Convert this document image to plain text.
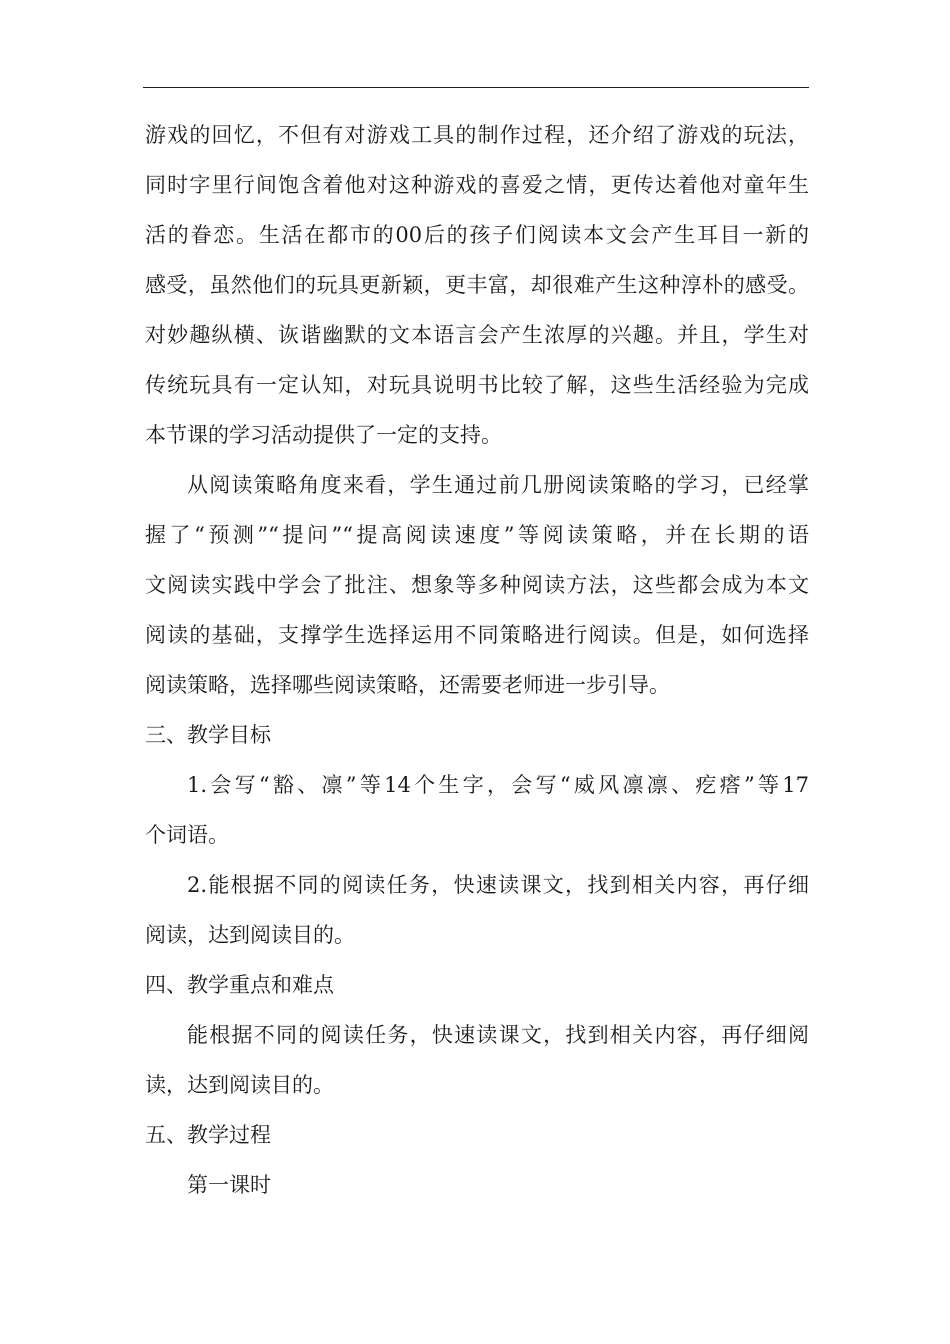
游戏的回忆，不但有对游戏工具的制作过程，还介绍了游戏的玩法，
同时字里行间饱含着他对这种游戏的喜爱之情，更传达着他对童年生
活的眷恋。生活在都市的00后的孩子们阅读本文会产生耳目一新的
感受，虽然他们的玩具更新颖，更丰富，却很难产生这种淳朴的感受。
对妙趣纵横、诙谐幽默的文本语言会产生浓厚的兴趣。并且，学生对
传统玩具有一定认知，对玩具说明书比较了解，这些生活经验为完成
本节课的学习活动提供了一定的支持。
从阅读策略角度来看，学生通过前几册阅读策略的学习，已经掌
握了“预测”“提问”“提高阅读速度”等阅读策略，并在长期的语
文阅读实践中学会了批注、想象等多种阅读方法，这些都会成为本文
阅读的基础，支撑学生选择运用不同策略进行阅读。但是，如何选择
阅读策略，选择哪些阅读策略，还需要老师进一步引导。
三、教学目标
1.会写“豁、凛”等14个生字，会写“威风凛凛、疙瘩”等17
个词语。
2.能根据不同的阅读任务，快速读课文，找到相关内容，再仔细
阅读，达到阅读目的。
四、教学重点和难点
能根据不同的阅读任务，快速读课文，找到相关内容，再仔细阅
读，达到阅读目的。
五、教学过程
第一课时
